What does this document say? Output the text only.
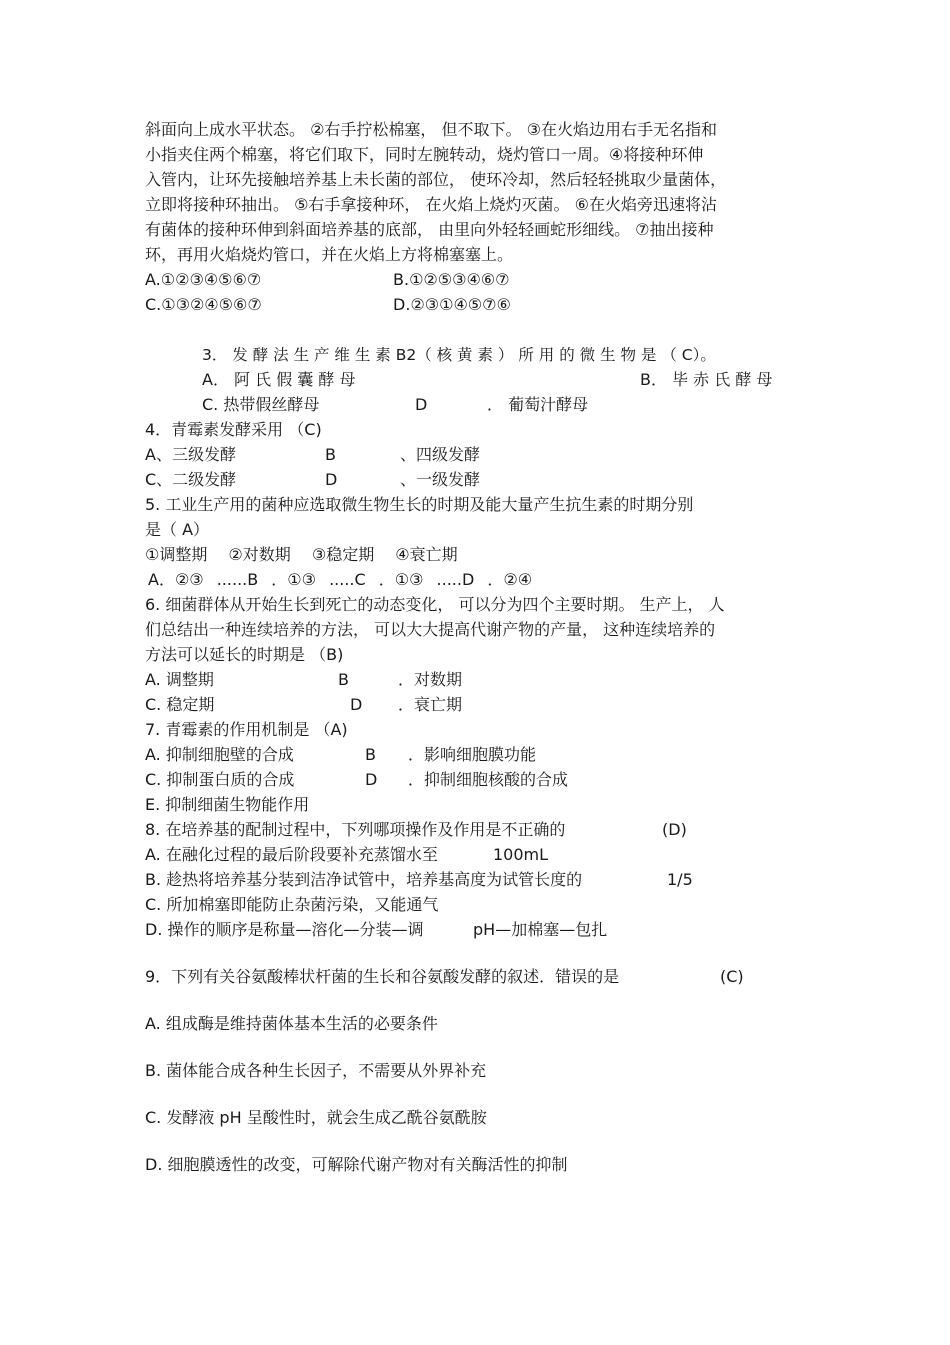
斜面向上成水平状态。 ②右手拧松棉塞， 但不取下。 ③在火焰边用右手无名指和
小指夹住两个棉塞，将它们取下，同时左腕转动，烧灼管口一周。④将接种环伸
入管内，让环先接触培养基上未长菌的部位， 使环冷却，然后轻轻挑取少量菌体，
立即将接种环抽出。 ⑤右手拿接种环， 在火焰上烧灼灭菌。 ⑥在火焰旁迅速将沾
有菌体的接种环伸到斜面培养基的底部， 由里向外轻轻画蛇形细线。 ⑦抽出接种
环，再用火焰烧灼管口，并在火焰上方将棉塞塞上。
A.①②③④⑤⑥⑦	B.①②⑤③④⑥⑦
C.①③②④⑤⑥⑦	D.②③①④⑤⑦⑥
3． 发 酵 法 生 产 维 生 素 B2（ 核 黄 素 ） 所 用 的 微 生 物 是 （ C）。
A． 阿 氏 假 囊 酵 母	B． 毕 赤 氏 酵 母
C. 热带假丝酵母	D	． 葡萄汁酵母
4．青霉素发酵采用 （C)
A、三级发酵	B	、四级发酵
C、二级发酵	D	、一级发酵
5. 工业生产用的菌种应选取微生物生长的时期及能大量产生抗生素的时期分别
是（ A）
①调整期 ②对数期 ③稳定期 ④衰亡期
A．②③ ......B ．①③ .....C ．①③ .....D ．②④
6. 细菌群体从开始生长到死亡的动态变化， 可以分为四个主要时期。 生产上， 人
们总结出一种连续培养的方法， 可以大大提高代谢产物的产量， 这种连续培养的
方法可以延长的时期是 （B)
A. 调整期	B	．对数期
C. 稳定期	D ．衰亡期
7. 青霉素的作用机制是 （A)
A. 抑制细胞壁的合成	B ．影响细胞膜功能
C. 抑制蛋白质的合成	D ．抑制细胞核酸的合成
E. 抑制细菌生物能作用
8. 在培养基的配制过程中，下列哪项操作及作用是不正确的	(D)
A. 在融化过程的最后阶段要补充蒸馏水至	100mL
B. 趁热将培养基分装到洁净试管中，培养基高度为试管长度的	1/5
C. 所加棉塞即能防止杂菌污染，又能通气
D. 操作的顺序是称量—溶化—分装—调	pH—加棉塞—包扎
9．下列有关谷氨酸棒状杆菌的生长和谷氨酸发酵的叙述．错误的是	(C)
A. 组成酶是维持菌体基本生活的必要条件
B. 菌体能合成各种生长因子，不需要从外界补充
C. 发酵液 pH 呈酸性时，就会生成乙酰谷氨酰胺
D. 细胞膜透性的改变，可解除代谢产物对有关酶活性的抑制
